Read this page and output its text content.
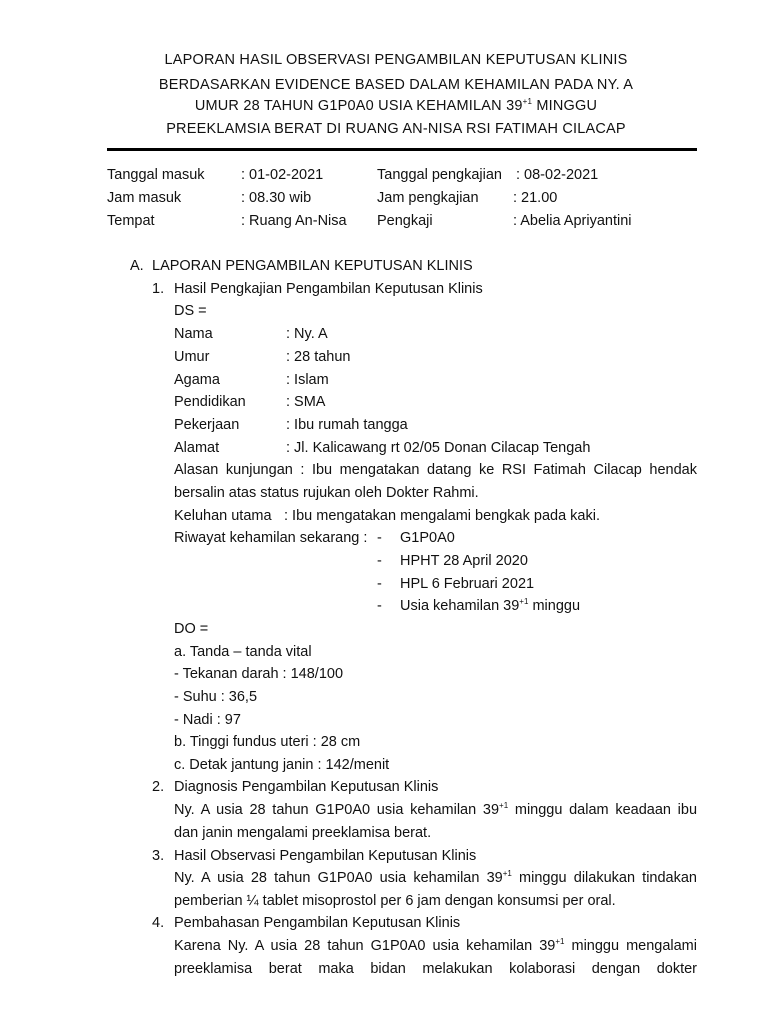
LAPORAN HASIL OBSERVASI PENGAMBILAN KEPUTUSAN KLINIS
BERDASARKAN EVIDENCE BASED DALAM KEHAMILAN PADA NY. A
UMUR 28 TAHUN G1P0A0 USIA KEHAMILAN $39^{+1}$ MINGGU
PREEKLAMSIA BERAT DI RUANG AN-NISA RSI FATIMAH CILACAP
Tanggal masuk	: 01-02-2021	Tanggal pengkajian : 08-02-2021
Jam masuk	: 08.30 wib	Jam pengkajian : 21.00
Tempat	: Ruang An-Nisa Pengkaji	: Abelia Apriyantini
A. LAPORAN PENGAMBILAN KEPUTUSAN KLINIS
1. Hasil Pengkajian Pengambilan Keputusan Klinis
DS =
Nama	: Ny. A
Umur	: 28 tahun
Agama	: Islam
Pendidikan	: SMA
Pekerjaan	: Ibu rumah tangga
Alamat	: Jl. Kalicawang rt 02/05 Donan Cilacap Tengah
Alasan kunjungan : Ibu mengatakan datang ke RSI Fatimah Cilacap hendak
bersalin atas status rujukan oleh Dokter Rahmi.
Keluhan utama : Ibu mengatakan mengalami bengkak pada kaki.
Riwayat kehamilan sekarang : - G1P0A0
- HPHT 28 April 2020
- HPL 6 Februari 2021
- Usia kehamilan $39^{+1}$ minggu
DO =
a. Tanda – tanda vital
- Tekanan darah : 148/100
- Suhu : 36,5
- Nadi : 97
b. Tinggi fundus uteri : 28 cm
c. Detak jantung janin : 142/menit
2. Diagnosis Pengambilan Keputusan Klinis
Ny. A usia 28 tahun G1P0A0 usia kehamilan $39^{+1}$ minggu dalam keadaan ibu
dan janin mengalami preeklamisa berat.
3. Hasil Observasi Pengambilan Keputusan Klinis
Ny. A usia 28 tahun G1P0A0 usia kehamilan $39^{+1}$ minggu dilakukan tindakan
pemberian ¼ tablet misoprostol per 6 jam dengan konsumsi per oral.
4. Pembahasan Pengambilan Keputusan Klinis
Karena Ny. A usia 28 tahun G1P0A0 usia kehamilan $39^{+1}$ minggu mengalami
preeklamisa berat maka bidan melakukan kolaborasi dengan dokter
